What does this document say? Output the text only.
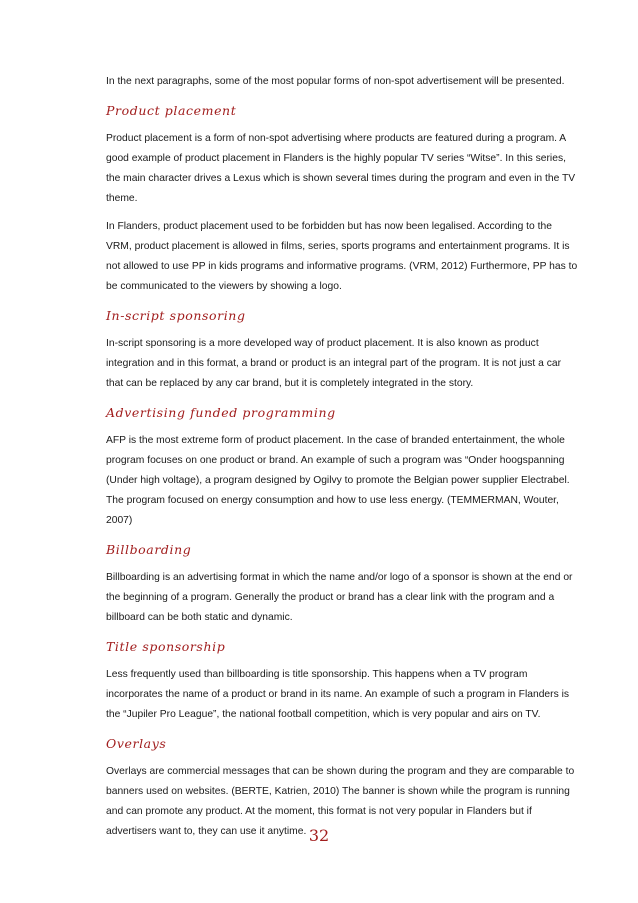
In the next paragraphs, some of the most popular forms of non-spot advertisement will be presented.

Product placement

Product placement is a form of non-spot advertising where products are featured during a program. A good example of product placement in Flanders is the highly popular TV series “Witse”. In this series, the main character drives a Lexus which is shown several times during the program and even in the TV theme.

In Flanders, product placement used to be forbidden but has now been legalised. According to the VRM, product placement is allowed in films, series, sports programs and entertainment programs. It is not allowed to use PP in kids programs and informative programs. (VRM, 2012) Furthermore, PP has to be communicated to the viewers by showing a logo.

In-script sponsoring

In-script sponsoring is a more developed way of product placement. It is also known as product integration and in this format, a brand or product is an integral part of the program. It is not just a car that can be replaced by any car brand, but it is completely integrated in the story.

Advertising funded programming

AFP is the most extreme form of product placement. In the case of branded entertainment, the whole program focuses on one product or brand. An example of such a program was “Onder hoogspanning (Under high voltage), a program designed by Ogilvy to promote the Belgian power supplier Electrabel. The program focused on energy consumption and how to use less energy. (TEMMERMAN, Wouter, 2007)

Billboarding

Billboarding is an advertising format in which the name and/or logo of a sponsor is shown at the end or the beginning of a program. Generally the product or brand has a clear link with the program and a billboard can be both static and dynamic.

Title sponsorship

Less frequently used than billboarding is title sponsorship. This happens when a TV program incorporates the name of a product or brand in its name. An example of such a program in Flanders is the “Jupiler Pro League”, the national football competition, which is very popular and airs on TV.

Overlays

Overlays are commercial messages that can be shown during the program and they are comparable to banners used on websites. (BERTE, Katrien, 2010) The banner is shown while the program is running and can promote any product. At the moment, this format is not very popular in Flanders but if advertisers want to, they can use it anytime. 32
